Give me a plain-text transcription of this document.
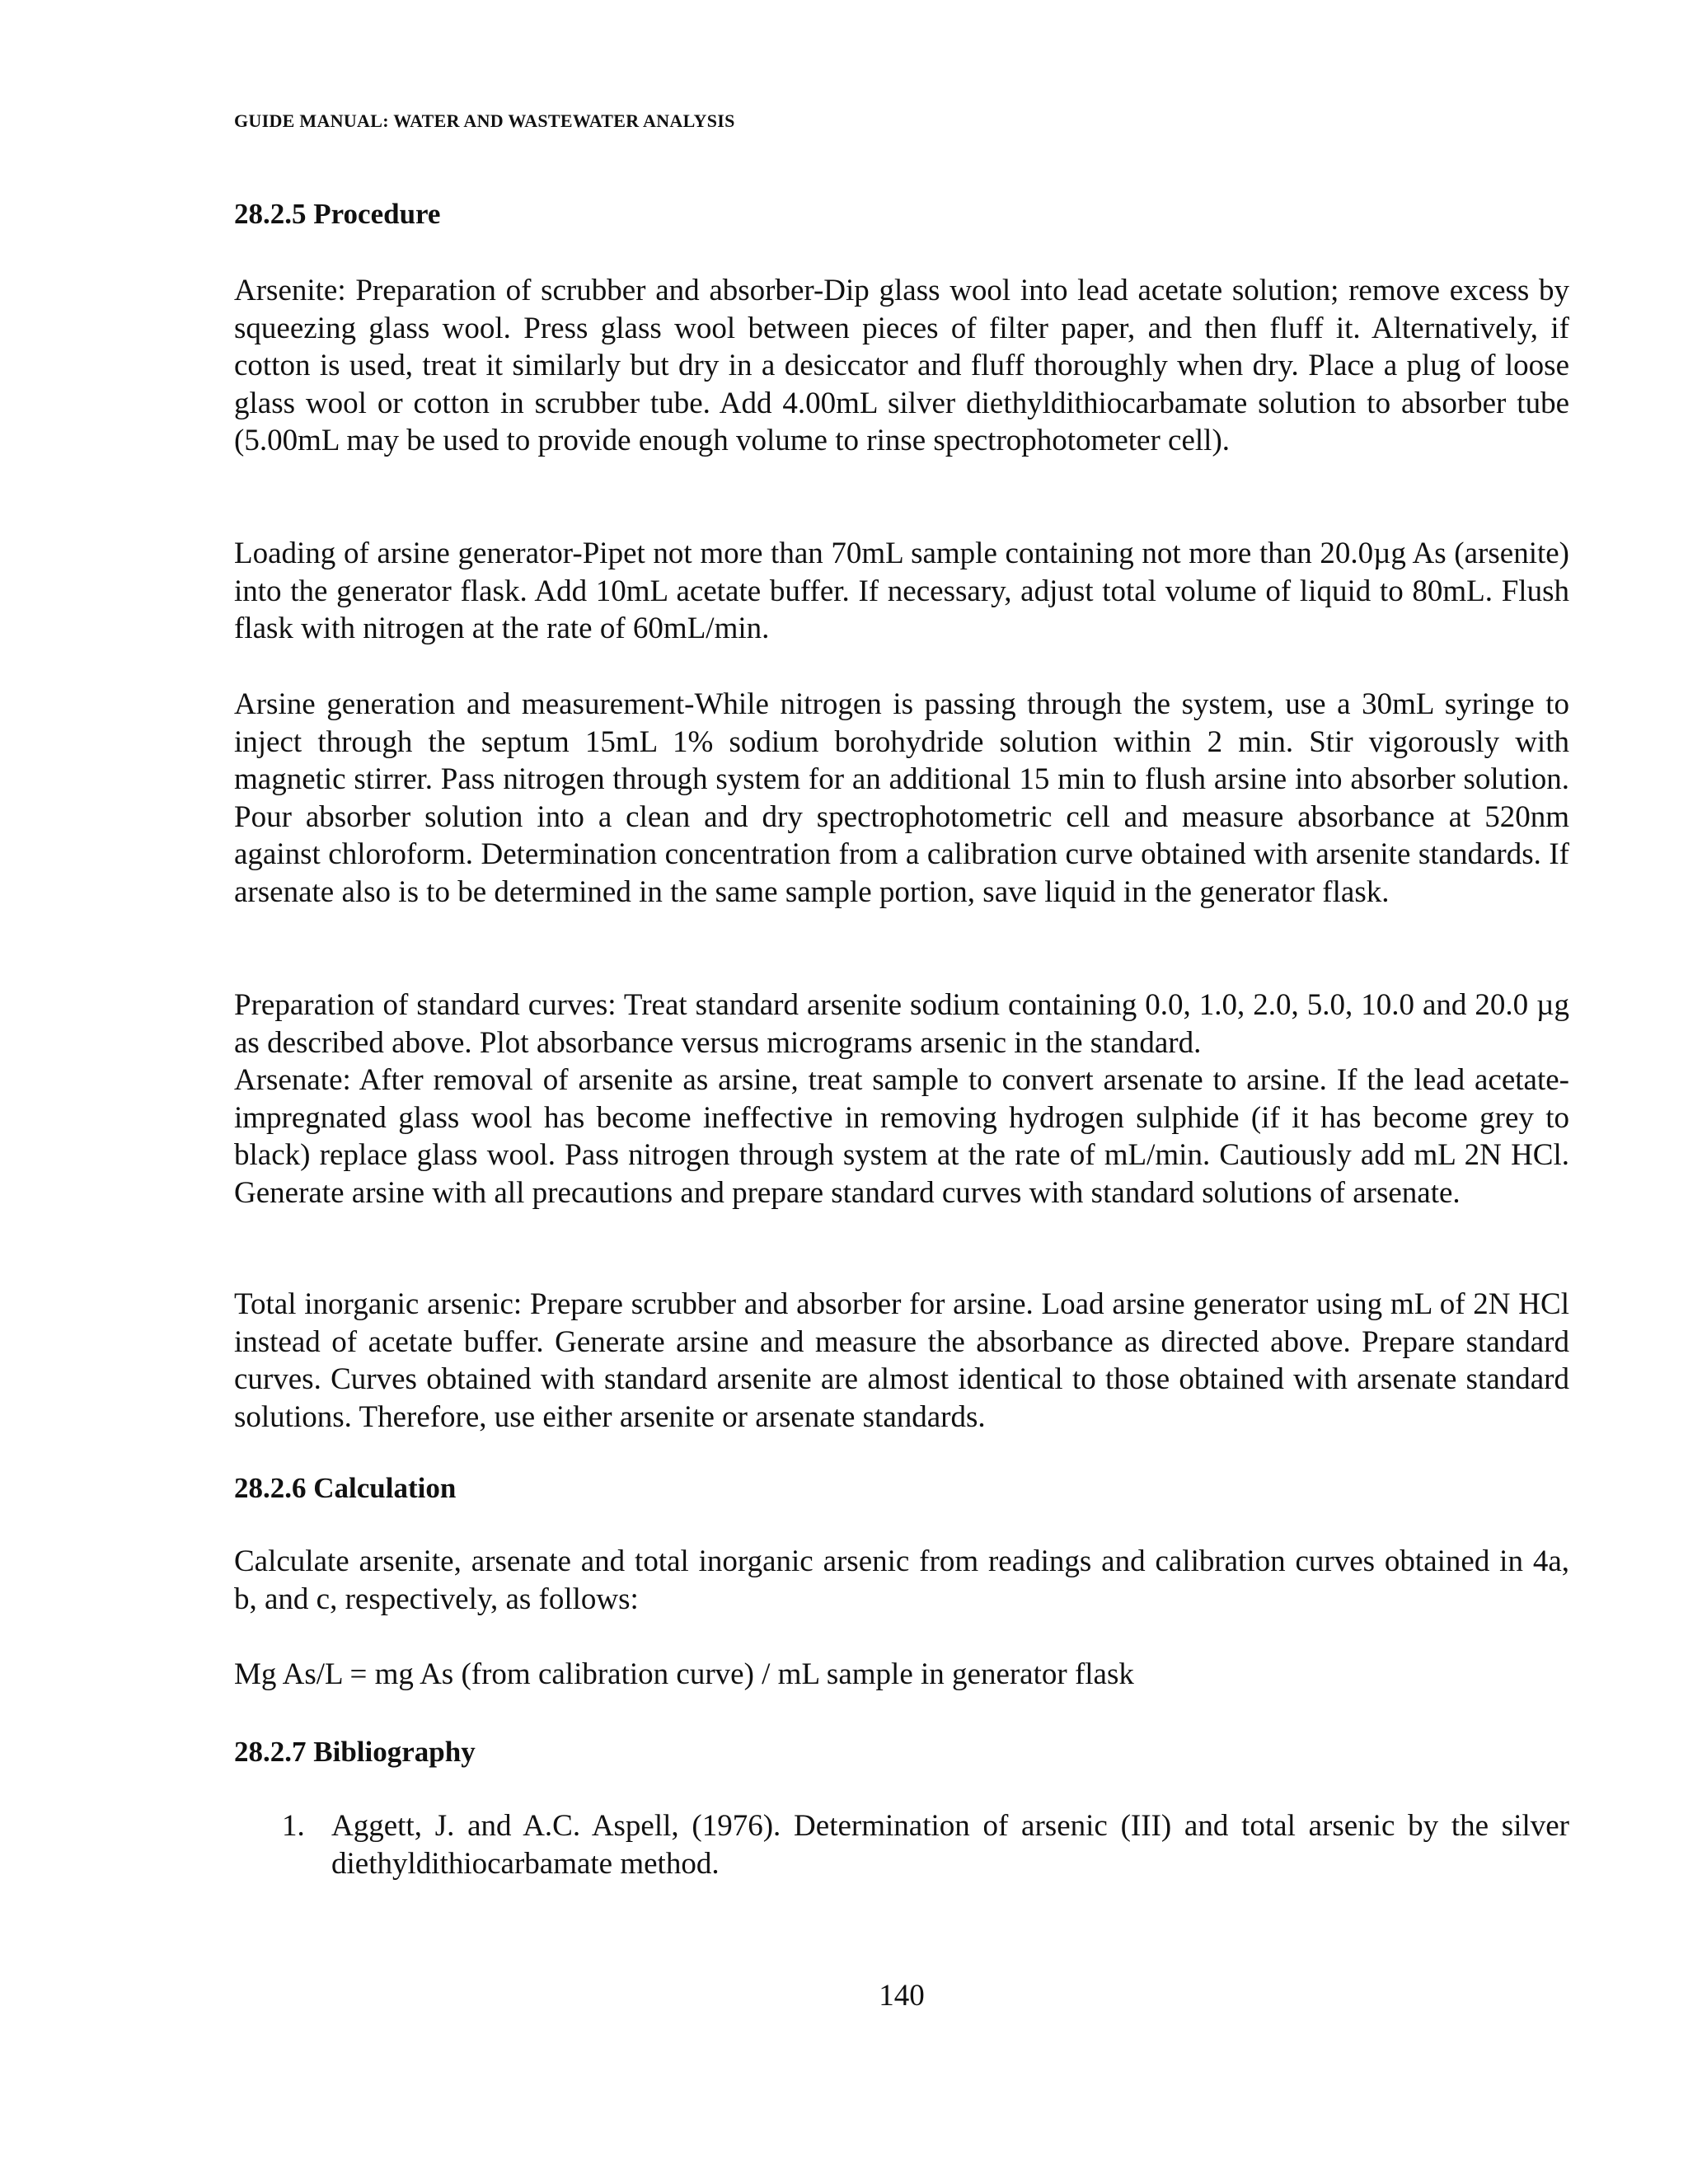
GUIDE MANUAL: WATER AND WASTEWATER ANALYSIS
28.2.5 Procedure

Arsenite: Preparation of scrubber and absorber-Dip glass wool into lead acetate solution; remove excess by squeezing glass wool. Press glass wool between pieces of filter paper, and then fluff it. Alternatively, if cotton is used, treat it similarly but dry in a desiccator and fluff thoroughly when dry. Place a plug of loose glass wool or cotton in scrubber tube. Add 4.00mL silver diethyldithiocarbamate solution to absorber tube (5.00mL may be used to provide enough volume to rinse spectrophotometer cell).

Loading of arsine generator-Pipet not more than 70mL sample containing not more than 20.0µg As (arsenite) into the generator flask. Add 10mL acetate buffer. If necessary, adjust total volume of liquid to 80mL. Flush flask with nitrogen at the rate of 60mL/min.

Arsine generation and measurement-While nitrogen is passing through the system, use a 30mL syringe to inject through the septum 15mL 1% sodium borohydride solution within 2 min. Stir vigorously with magnetic stirrer. Pass nitrogen through system for an additional 15 min to flush arsine into absorber solution. Pour absorber solution into a clean and dry spectrophotometric cell and measure absorbance at 520nm against chloroform. Determination concentration from a calibration curve obtained with arsenite standards. If arsenate also is to be determined in the same sample portion, save liquid in the generator flask.

Preparation of standard curves: Treat standard arsenite sodium containing 0.0, 1.0, 2.0, 5.0, 10.0 and 20.0 µg as described above. Plot absorbance versus micrograms arsenic in the standard.

Arsenate: After removal of arsenite as arsine, treat sample to convert arsenate to arsine. If the lead acetate-impregnated glass wool has become ineffective in removing hydrogen sulphide (if it has become grey to black) replace glass wool. Pass nitrogen through system at the rate of mL/min. Cautiously add mL 2N HCl. Generate arsine with all precautions and prepare standard curves with standard solutions of arsenate.

Total inorganic arsenic: Prepare scrubber and absorber for arsine. Load arsine generator using mL of 2N HCl instead of acetate buffer. Generate arsine and measure the absorbance as directed above. Prepare standard curves. Curves obtained with standard arsenite are almost identical to those obtained with arsenate standard solutions. Therefore, use either arsenite or arsenate standards.

28.2.6 Calculation

Calculate arsenite, arsenate and total inorganic arsenic from readings and calibration curves obtained in 4a, b, and c, respectively, as follows:

Mg As/L = mg As (from calibration curve) / mL sample in generator flask
28.2.7 Bibliography
1. Aggett, J. and A.C. Aspell, (1976). Determination of arsenic (III) and total arsenic by the silver diethyldithiocarbamate method.
140
